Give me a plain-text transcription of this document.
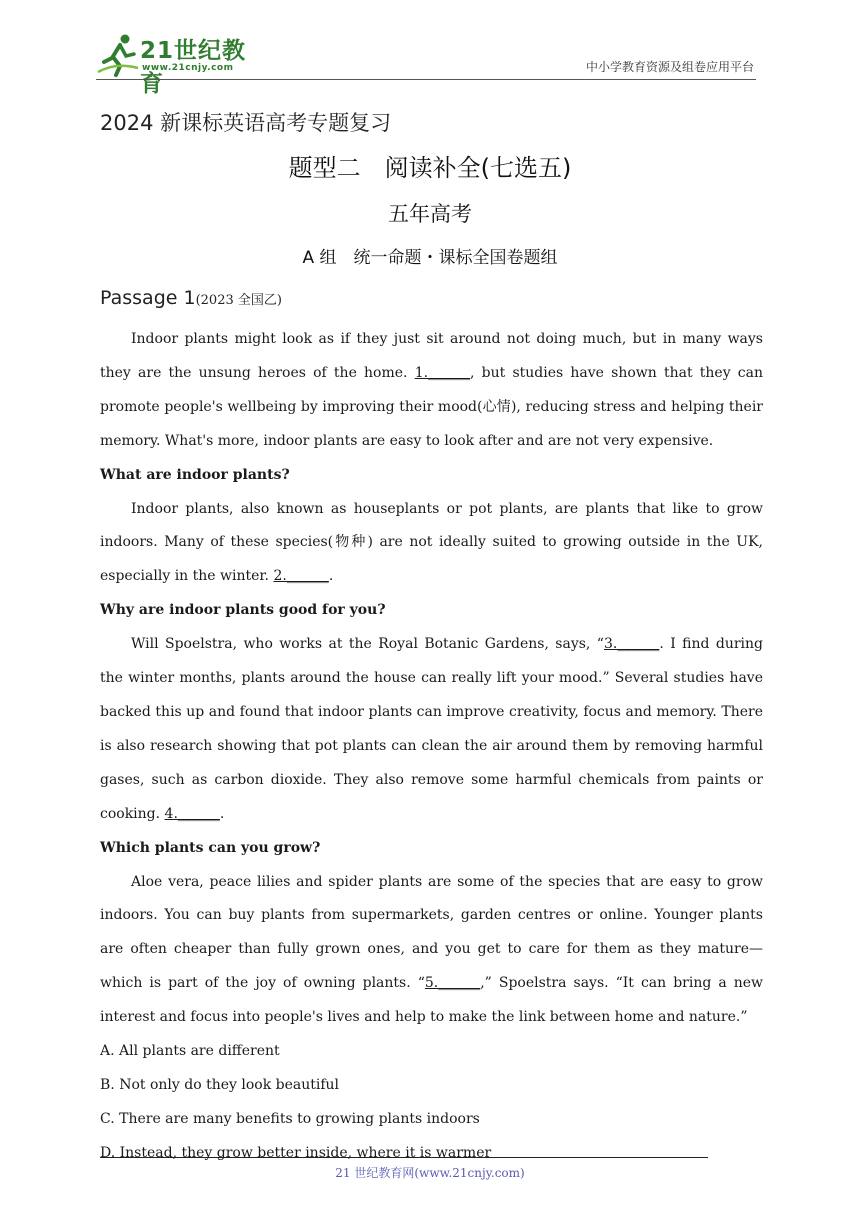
21世纪教育
www.21cnjy.com	中小学教育资源及组卷应用平台
2024 新课标英语高考专题复习
题型二　阅读补全(七选五)
五年高考
A 组　统一命题・课标全国卷题组
Passage 1(2023 全国乙)

Indoor plants might look as if they just sit around not doing much, but in many ways they are the unsung heroes of the home. 1.______, but studies have shown that they can promote people's wellbeing by improving their mood(心情), reducing stress and helping their memory. What's more, indoor plants are easy to look after and are not very expensive.

What are indoor plants?

Indoor plants, also known as houseplants or pot plants, are plants that like to grow indoors. Many of these species(物种) are not ideally suited to growing outside in the UK, especially in the winter. 2.______.

Why are indoor plants good for you?

Will Spoelstra, who works at the Royal Botanic Gardens, says, “3.______. I find during the winter months, plants around the house can really lift your mood.” Several studies have backed this up and found that indoor plants can improve creativity, focus and memory. There is also research showing that pot plants can clean the air around them by removing harmful gases, such as carbon dioxide. They also remove some harmful chemicals from paints or cooking. 4.______.

Which plants can you grow?

Aloe vera, peace lilies and spider plants are some of the species that are easy to grow indoors. You can buy plants from supermarkets, garden centres or online. Younger plants are often cheaper than fully grown ones, and you get to care for them as they mature—which is part of the joy of owning plants. “5.______,” Spoelstra says. “It can bring a new interest and focus into people's lives and help to make the link between home and nature.”

A. All plants are different

B. Not only do they look beautiful

C. There are many benefits to growing plants indoors

D. Instead, they grow better inside, where it is warmer

21 世纪教育网(www.21cnjy.com)
